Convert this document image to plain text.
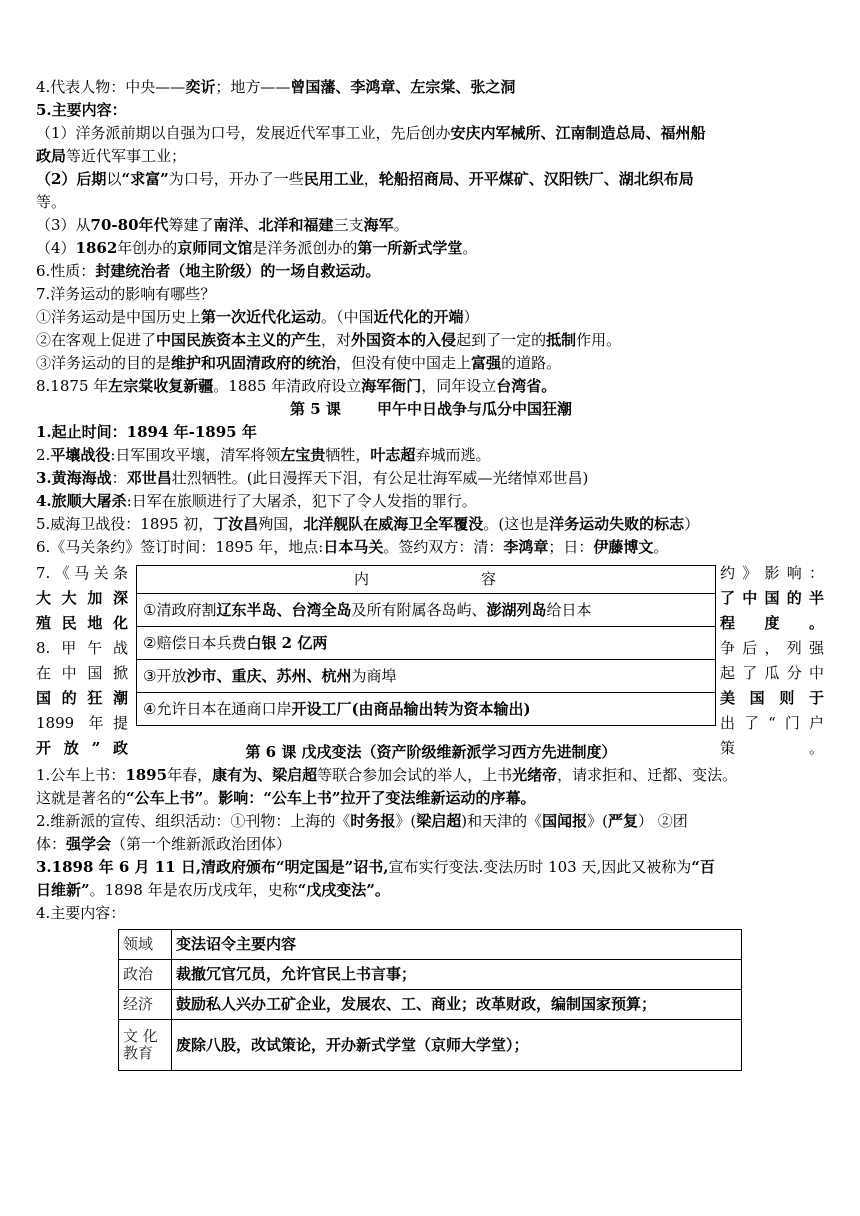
4.代表人物：中央——奕䜣；地方——曾国藩、李鸿章、左宗棠、张之洞

5.主要内容：

（1）洋务派前期以自强为口号，发展近代军事工业，先后创办安庆内军械所、江南制造总局、福州船

政局等近代军事工业；

（2）后期以“求富”为口号，开办了一些民用工业，轮船招商局、开平煤矿、汉阳铁厂、湖北织布局

等。

（3）从70-80年代筹建了南洋、北洋和福建三支海军。

（4）1862年创办的京师同文馆是洋务派创办的第一所新式学堂。

6.性质：封建统治者（地主阶级）的一场自救运动。

7.洋务运动的影响有哪些？

①洋务运动是中国历史上第一次近代化运动。（中国近代化的开端）

②在客观上促进了中国民族资本主义的产生，对外国资本的入侵起到了一定的抵制作用。

③洋务运动的目的是维护和巩固清政府的统治，但没有使中国走上富强的道路。

8.1875 年左宗棠收复新疆。1885 年清政府设立海军衙门，同年设立台湾省。

第 5 课 甲午中日战争与瓜分中国狂潮

1.起止时间：1894 年-1895 年

2.平壤战役:日军围攻平壤，清军将领左宝贵牺牲，叶志超弃城而逃。

3.黄海海战：邓世昌壮烈牺牲。(此日漫挥天下泪，有公足壮海军威—光绪悼邓世昌)

4.旅顺大屠杀:日军在旅顺进行了大屠杀，犯下了令人发指的罪行。

5.威海卫战役：1895 初，丁汝昌殉国，北洋舰队在威海卫全军覆没。(这也是洋务运动失败的标志）

6.《马关条约》签订时间：1895 年，地点:日本马关。签约双方：清：李鸿章；日：伊藤博文。

7.《马关条

大大加深

殖民地化

8.甲午战

在中国掀

国的狂潮

1899 年提

开放”政

内	容
①清政府割辽东半岛、台湾全岛及所有附属各岛屿、澎湖列岛给日本
②赔偿日本兵费白银 2 亿两
③开放沙市、重庆、苏州、杭州为商埠
④允许日本在通商口岸开设工厂(由商品输出转为资本输出)

约》影响：

了中国的半

程度。

争后，列强

起了瓜分中

美国则于

出了“门户

策。

第 6 课 戊戌变法（资产阶级维新派学习西方先进制度）

1.公车上书：1895年春，康有为、梁启超等联合参加会试的举人，上书光绪帝，请求拒和、迁都、变法。

这就是著名的“公车上书”。影响：“公车上书”拉开了变法维新运动的序幕。

2.维新派的宣传、组织活动：①刊物：上海的《时务报》(梁启超)和天津的《国闻报》(严复） ②团

体：强学会（第一个维新派政治团体）

3.1898 年 6 月 11 日,清政府颁布“明定国是”诏书,宣布实行变法.变法历时 103 天,因此又被称为“百

日维新”。1898 年是农历戊戌年，史称“戊戌变法”。

4.主要内容：

领域	变法诏令主要内容
政治	裁撤冗官冗员，允许官民上书言事；
经济	鼓励私人兴办工矿企业，发展农、工、商业；改革财政，编制国家预算；
文 化
教育	废除八股，改试策论，开办新式学堂（京师大学堂）；
